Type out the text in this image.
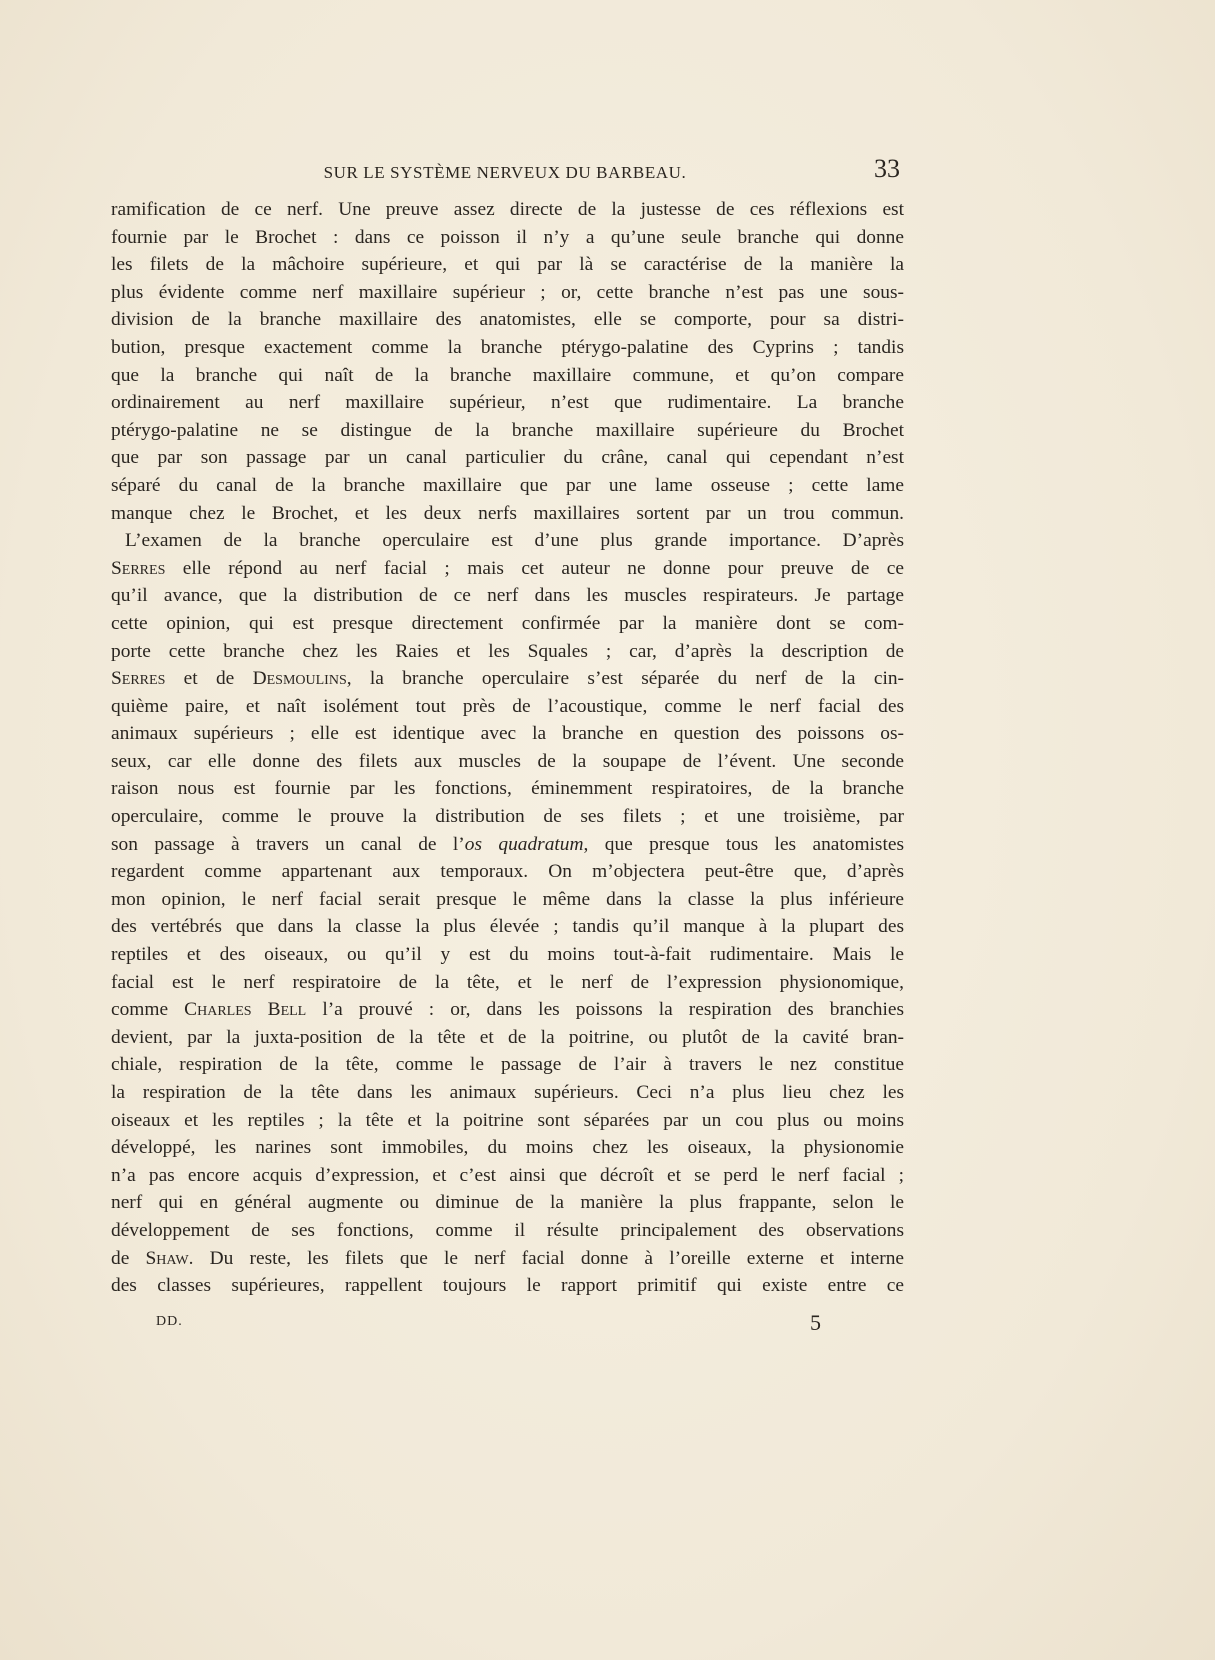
SUR LE SYSTÈME NERVEUX DU BARBEAU.	33
ramification de ce nerf. Une preuve assez directe de la justesse de ces réflexions est
fournie par le Brochet : dans ce poisson il n’y a qu’une seule branche qui donne
les filets de la mâchoire supérieure, et qui par là se caractérise de la manière la
plus évidente comme nerf maxillaire supérieur ; or, cette branche n’est pas une sous-
division de la branche maxillaire des anatomistes, elle se comporte, pour sa distri-
bution, presque exactement comme la branche ptérygo-palatine des Cyprins ; tandis
que la branche qui naît de la branche maxillaire commune, et qu’on compare
ordinairement au nerf maxillaire supérieur, n’est que rudimentaire. La branche
ptérygo-palatine ne se distingue de la branche maxillaire supérieure du Brochet
que par son passage par un canal particulier du crâne, canal qui cependant n’est
séparé du canal de la branche maxillaire que par une lame osseuse ; cette lame
manque chez le Brochet, et les deux nerfs maxillaires sortent par un trou commun.
L’examen de la branche operculaire est d’une plus grande importance. D’après
Serres elle répond au nerf facial ; mais cet auteur ne donne pour preuve de ce
qu’il avance, que la distribution de ce nerf dans les muscles respirateurs. Je partage
cette opinion, qui est presque directement confirmée par la manière dont se com-
porte cette branche chez les Raies et les Squales ; car, d’après la description de
Serres et de Desmoulins, la branche operculaire s’est séparée du nerf de la cin-
quième paire, et naît isolément tout près de l’acoustique, comme le nerf facial des
animaux supérieurs ; elle est identique avec la branche en question des poissons os-
seux, car elle donne des filets aux muscles de la soupape de l’évent. Une seconde
raison nous est fournie par les fonctions, éminemment respiratoires, de la branche
operculaire, comme le prouve la distribution de ses filets ; et une troisième, par
son passage à travers un canal de l’os quadratum, que presque tous les anatomistes
regardent comme appartenant aux temporaux. On m’objectera peut-être que, d’après
mon opinion, le nerf facial serait presque le même dans la classe la plus inférieure
des vertébrés que dans la classe la plus élevée ; tandis qu’il manque à la plupart des
reptiles et des oiseaux, ou qu’il y est du moins tout-à-fait rudimentaire. Mais le
facial est le nerf respiratoire de la tête, et le nerf de l’expression physionomique,
comme Charles Bell l’a prouvé : or, dans les poissons la respiration des branchies
devient, par la juxta-position de la tête et de la poitrine, ou plutôt de la cavité bran-
chiale, respiration de la tête, comme le passage de l’air à travers le nez constitue
la respiration de la tête dans les animaux supérieurs. Ceci n’a plus lieu chez les
oiseaux et les reptiles ; la tête et la poitrine sont séparées par un cou plus ou moins
développé, les narines sont immobiles, du moins chez les oiseaux, la physionomie
n’a pas encore acquis d’expression, et c’est ainsi que décroît et se perd le nerf facial ;
nerf qui en général augmente ou diminue de la manière la plus frappante, selon le
développement de ses fonctions, comme il résulte principalement des observations
de Shaw. Du reste, les filets que le nerf facial donne à l’oreille externe et interne
des classes supérieures, rappellent toujours le rapport primitif qui existe entre ce
DD.	5
